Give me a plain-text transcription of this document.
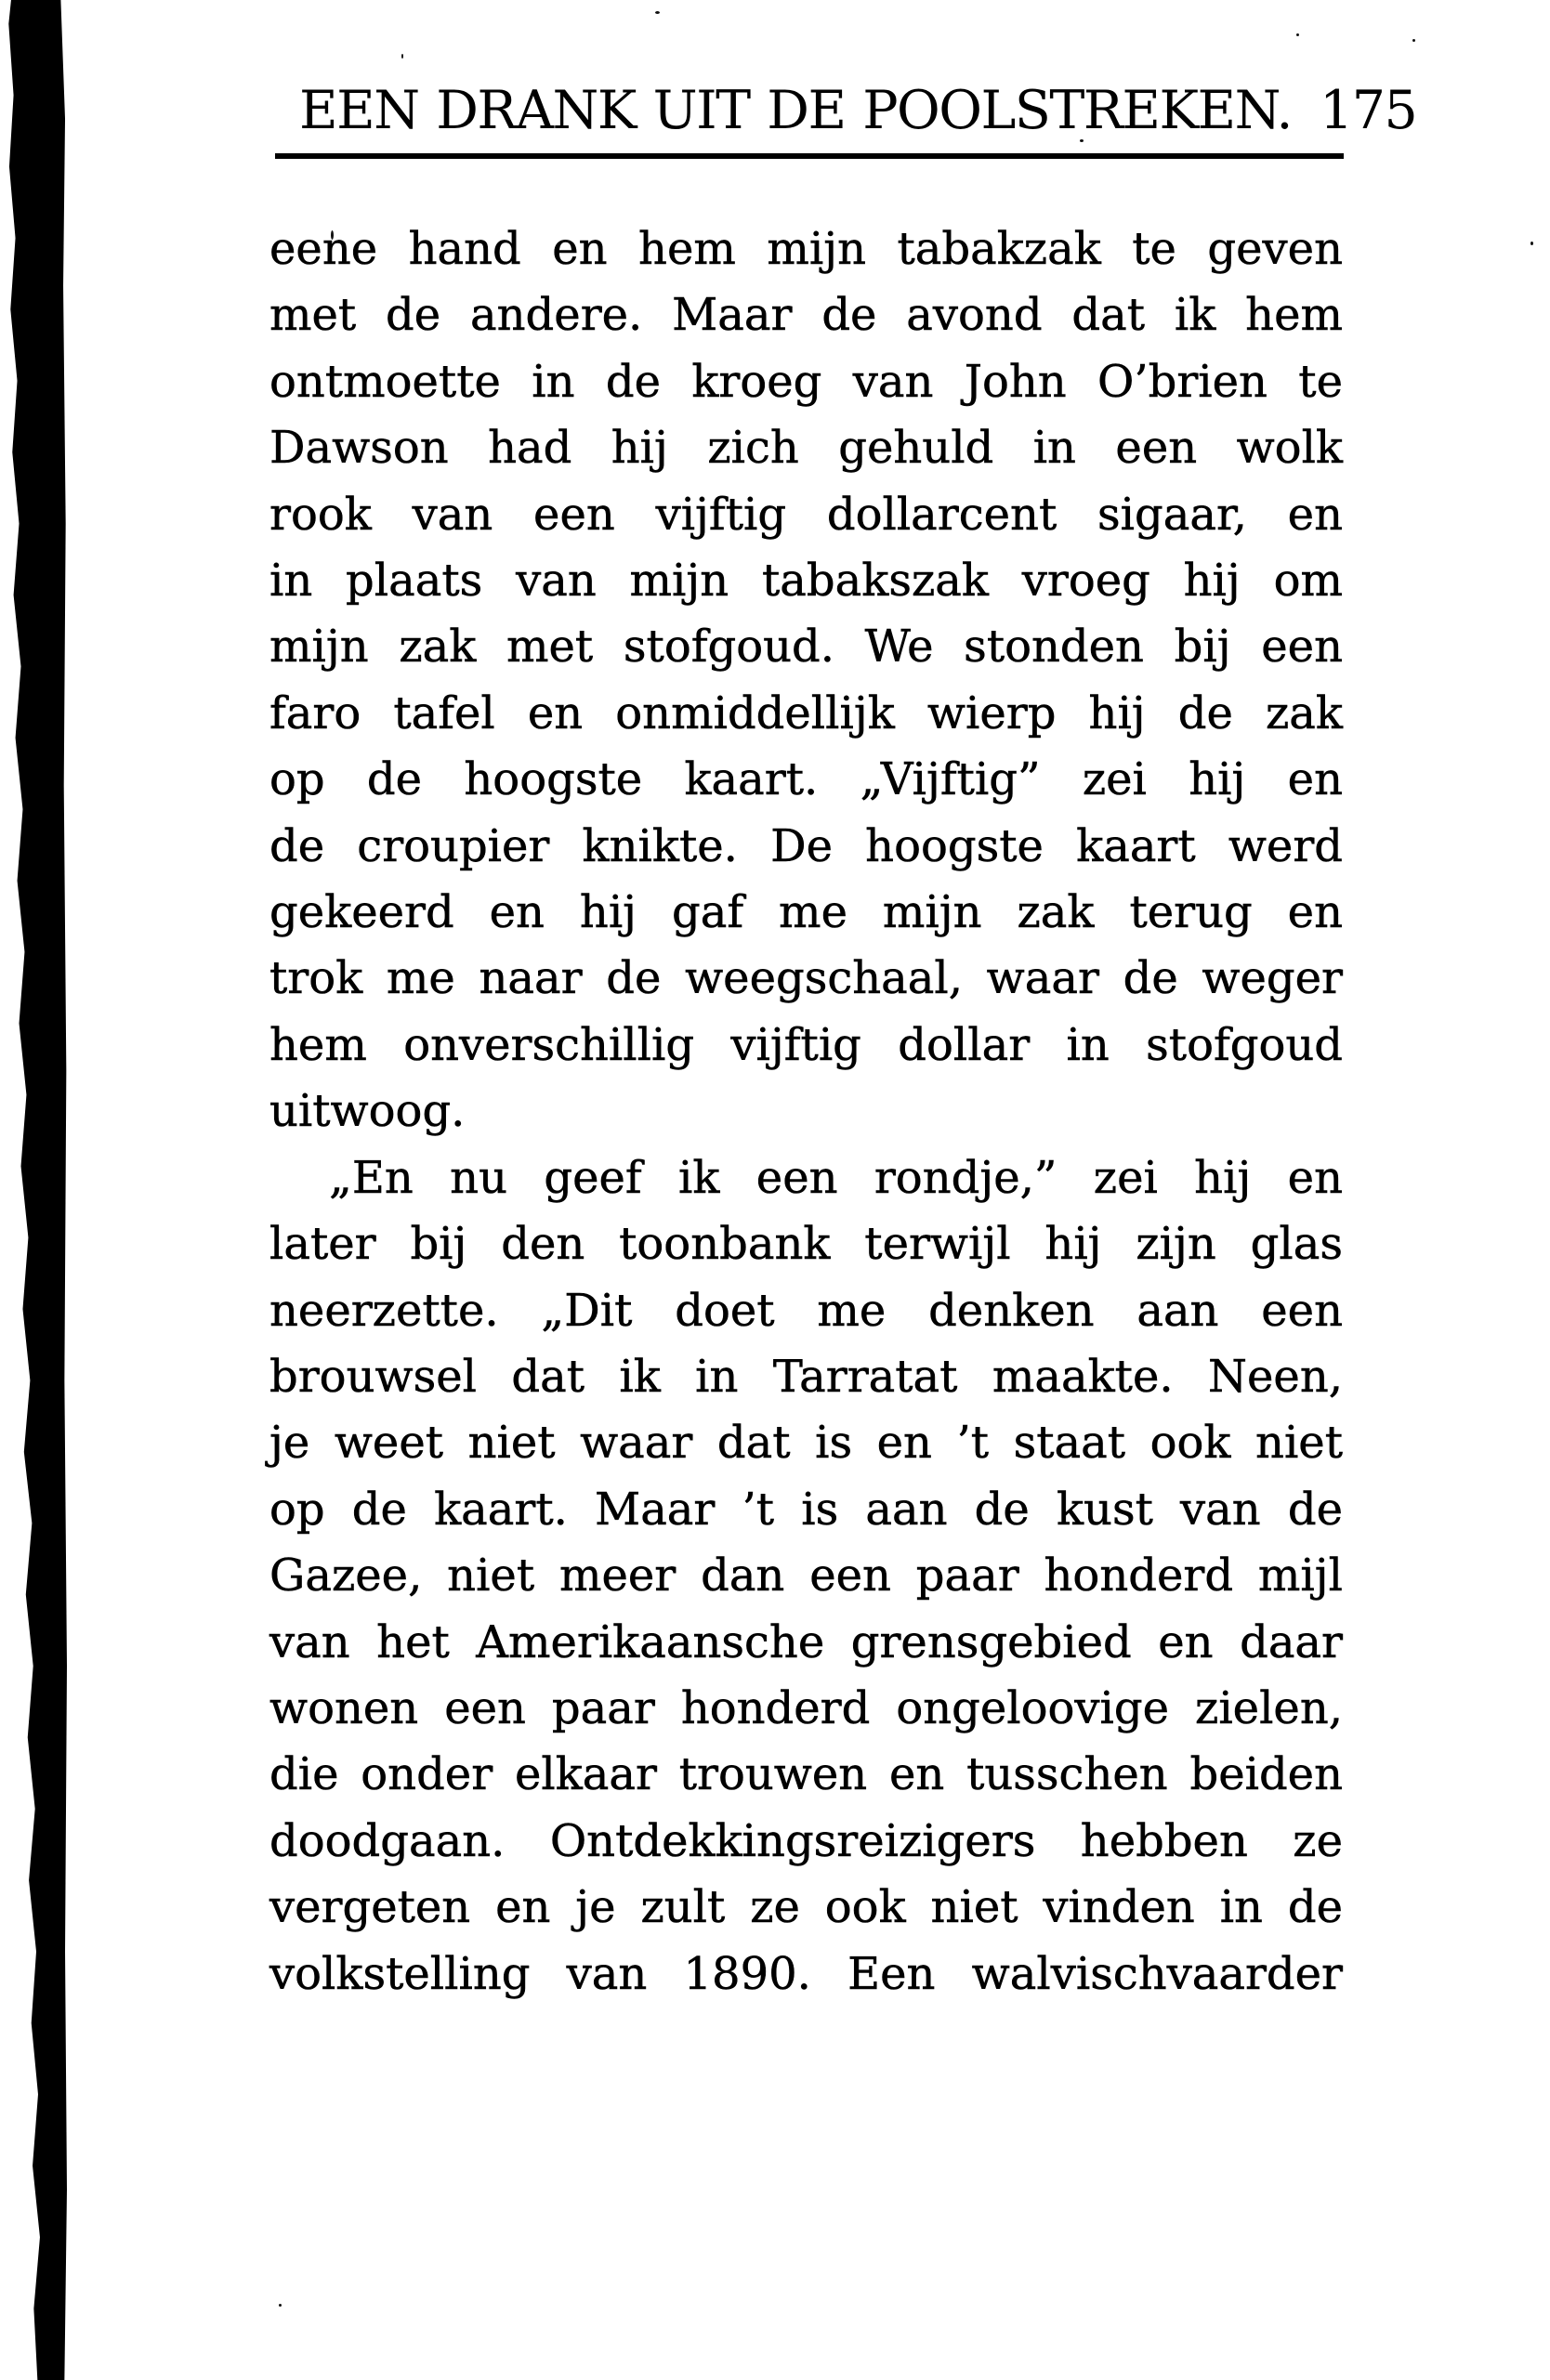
EEN DRANK UIT DE POOLSTREKEN. 175
eene hand en hem mijn tabakzak te geven
met de andere. Maar de avond dat ik hem
ontmoette in de kroeg van John O’brien te
Dawson had hij zich gehuld in een wolk
rook van een vijftig dollarcent sigaar, en
in plaats van mijn tabakszak vroeg hij om
mijn zak met stofgoud. We stonden bij een
faro tafel en onmiddellijk wierp hij de zak
op de hoogste kaart. „Vijftig” zei hij en
de croupier knikte. De hoogste kaart werd
gekeerd en hij gaf me mijn zak terug en
trok me naar de weegschaal, waar de weger
hem onverschillig vijftig dollar in stofgoud
uitwoog.
„En nu geef ik een rondje,” zei hij en
later bij den toonbank terwijl hij zijn glas
neerzette. „Dit doet me denken aan een
brouwsel dat ik in Tarratat maakte. Neen,
je weet niet waar dat is en ’t staat ook niet
op de kaart. Maar ’t is aan de kust van de
Gazee, niet meer dan een paar honderd mijl
van het Amerikaansche grensgebied en daar
wonen een paar honderd ongeloovige zielen,
die onder elkaar trouwen en tusschen beiden
doodgaan. Ontdekkingsreizigers hebben ze
vergeten en je zult ze ook niet vinden in de
volkstelling van 1890. Een walvischvaarder
